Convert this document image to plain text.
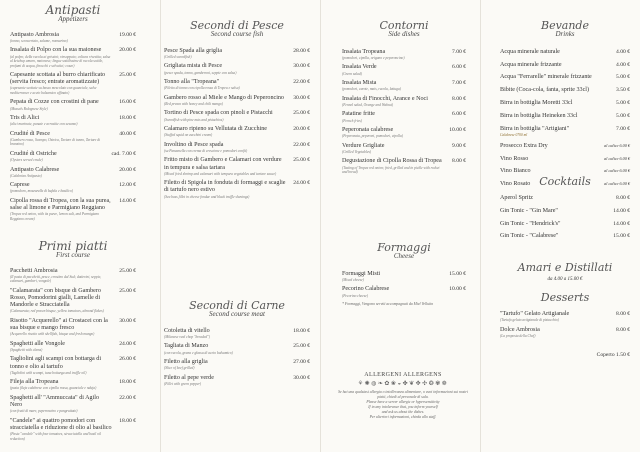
Antipasti
Appetizers
Antipasto Ambrosia	19.00 €
(tonno, sconcertato, salame, rosmarino)
Insalata di Polpo con la sua maionese	20.00 €
(al polpo; della rucola ai grissini; rinsoppato; coltura rivestita; salsa al ketchup amaro, maionese; lingue sottilissime di rucola sottile, profumi di acqua, finocchi e selvatici; cozze)
Capesante scottata al burro chiarificato (servita fresco; entrate aromatizzate)
25.00 €
(capesante scottate su basso mescolato con guanciale, salse mediterranee e aceto balsamico affinato)
Pepata di Cozze con crostini di pane	16.00 €
(Mussels Bolognese Style)
Tris di Alici	18.00 €
(alici marinate, panate e arrostite con sesamo)
Crudité di Pesce	40.00 €
(Gambero rosso, Scampo, Ostrica, Tartare di tonno, Tartare di branzino)
Crudité di Ostriche	cad. 7.00 €
(Oysters served crude)
Antipasto Calabrese	20.00 €
(Calabrian Antipasto)
Caprese	12.00 €
(pomodoro, mozzarella di bufala e basilico)
Cipolla rossa di Tropea, con la sua purea, salse al limone e Parmigiano Reggiano
14.00 €
(Tropea red onion, with its puree, lemon salt, and Parmigiano Reggiano cream)
Primi piatti
First course
Pacchetti Ambrosia	25.00 €
(Il pasta di pacchetti, pesce, crostino dal Sud; datterini, seppie, calamari, gamberi, vongole)
"Calamarata" con bisque di Gambero Rosso, Pomodorini gialli, Lamelle di Mandorle e Stracciatella
25.00 €
(Calamarata; red prawn bisque, yellow tomatoes, almond flakes)
Risotto "Acquerello" ai Crostacei con la sua bisque e mango fresco
30.00 €
(Acquerello risotto with shellfish, bisque and fresh mango)
Spaghetti alle Vongole	24.00 €
(Spaghetti with clams)
Tagliolini agli scampi con bottarga di tonno e olio al tartufo
26.00 €
(Tagliolini with scampi, tuna bottarga and truffle oil)
Fileja alla Tropeana	18.00 €
(pasta fileja calabrese con cipolla rossa, guanciale e nduja)
Spaghetti all' "Ammuccata" di Agilo Nero
22.00 €
(con frutti di mare, peperoncino e pangrattato)
"Candele" ai quattro pomodori con stracciatella e riduzione di olio al basilico
18.00 €
(Pasta "candele" with four tomatoes, stracciatella and basil oil reduction)
Secondi di Pesce
Second course fish
Pesce Spada alla griglia	28.00 €
(Grilled swordfish)
Grigliata mista di Pesce	30.00 €
(pesce spada, tonno, gamberoni, seppie con salsa)
Tonno alla "Tropeana"	22.00 €
(Filetto di tonno con cipolla rossa di Tropea e salsa)
Gambero rosso al Miele e Mango di Peperoncino	30.00 €
(Red prawn with honey and chili mango)
Tortino di Pesce spada con pinoli e Pistacchi	25.00 €
(Swordfish with pine nuts and pistachios)
Calamaro ripieno su Vellutata di Zucchine	20.00 €
(Stuffed squid on zucchini cream)
Involtino di Pesce spada	22.00 €
(su Panzanella con crema di crescione e pomodori confit)
Fritto misto di Gambero e Calamari con verdure in tempura e salsa tartara
25.00 €
(Mixed fried shrimp and calamari with tempura vegetables and tartare sauce)
Filetto di Spigola in fonduta di formaggi e scaglie di tartufo nero estivo
24.00 €
(Sea bass fillet in cheese fondue and black truffle shavings)
Secondi di Carne
Second course meat
Cotoletta di vitello	18.00 €
(Milanese veal chop "breaded")
Tagliata di Manzo	25.00 €
(con rucola, grana e glassa di aceto balsamico)
Filetto alla griglia	27.00 €
(Slice of beef grilled)
Filetto al pepe verde	30.00 €
(Fillet with green pepper)
Contorni
Side dishes
Insalata Tropeana	7.00 €
(pomodori, cipolla, origano e peperoncino)
Insalata Verde	6.00 €
(Green salad)
Insalata Mista	7.00 €
(pomodori, carote, mais, rucola, lattuga)
Insalata di Finocchi, Arance e Noci	8.00 €
(Fennel salad, Orange and Walnut)
Patatine fritte	6.00 €
(French fries)
Peperonata calabrese	10.00 €
(Peperonata, peperoni, pomodori, cipolla)
Verdure Grigliate	9.00 €
(Grilled Vegetables)
Degustazione di Cipolla Rossa di Tropea	8.00 €
(Tasting of Tropea red onion; fried, grilled and in pickle with rocket and bread)
Formaggi
Cheese
Formaggi Misti	15.00 €
(Mixed cheese)
Pecorino Calabrese	10.00 €
(Pecorino cheese)
* Formaggi, Vengono serviti accompagnati da Miel Vellutin
ALLERGENI ALLERGENS
⚘✺◍❧✿❀◒✤❦✥✣❂✾❁
Se hai una qualsiasi allergia o intolleranza alimentare, o vuoi informazioni sui nostri piatti, chiedi al personale di sala.
Please have a server allergic or hypersensitivity
If in any intolerance that, you inform yourself
and ask us about the dishes.
Per ulteriori informazioni, chieda allo staff.
Bevande
Drinks
Acqua minerale naturale	4.00 €
Acqua minerale frizzante	4.00 €
Acqua "Ferrarelle" minerale frizzante	5.00 €
Bibite (Coca-cola, fanta, sprite 33cl)	3.50 €
Birra in bottiglia Moretti 33cl	5.00 €
Birra in bottiglia Heineken 33cl	5.00 €
Birra in bottiglia "Artigiani"	7.00 €
Calabrese 0700 ml
Prosecco Extra Dry	al calice 6.00 €
Vino Rosso	al calice 6.00 €
Vino Bianco	al calice 6.00 €
Vino Rosato	al calice 6.00 €
Cocktails
Aperol Spritz	8.00 €
Gin Tonic - "Gin Mare"	14.00 €
Gin Tonic - "Hendrick's"	14.00 €
Gin Tonic - "Calabrese"	15.00 €
Amari e Distillati
da 4.00 a 15.00 €
Desserts
"Tartufo" Gelato Artigianale	8.00 €
(Tartufo gelato artigianale di pistacchio)
Dolce Ambrosia	8.00 €
(La proposta della Chef)
Coperto 1.50 €
